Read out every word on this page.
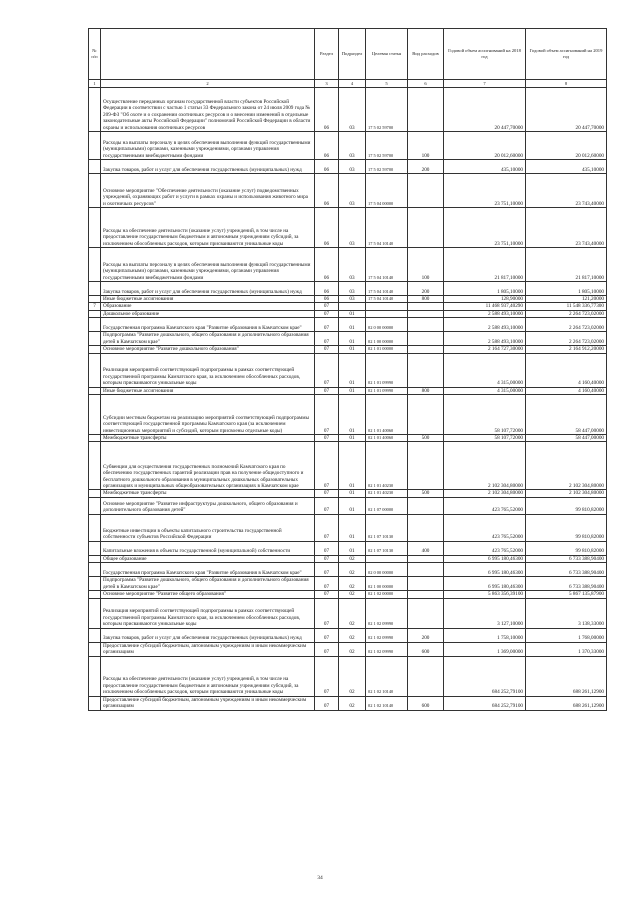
№ п/п		Раздел	Подраздел	Целевая статья	Вид расходов	Годовой объем ассигнований на 2018 год	Годовой объем ассигнований на 2019 год
1	2	3	4	5	6	7	8
	Осуществление переданных органам государственной власти субъектов Российской Федерации в соответствии с частью 1 статьи 33 Федерального закона от 24 июля 2009 года № 209-ФЗ "Об охоте и о сохранении охотничьих ресурсов и о внесении изменений в отдельные законодательные акты Российской Федерации" полномочий Российской Федерации в области охраны и использования охотничьих ресурсов	06	03	17 5 02 59700		20 447,70000	20 447,70000
	Расходы на выплаты персоналу в целях обеспечения выполнения функций государственными (муниципальными) органами, казенными учреждениями, органами управления государственными внебюджетными фондами	06	03	17 5 02 59700	100	20 012,60000	20 012,60000
	Закупка товаров, работ и услуг для обеспечения государственных (муниципальных) нужд	06	03	17 5 02 59700	200	435,10000	435,10000
	Основное мероприятие "Обеспечение деятельности (оказание услуг) подведомственных учреждений, охраняющих работ и услуги в рамках охраны и использования животного мира и охотничьих ресурсов"	06	03	17 5 04 00000		23 751,10000	23 743,40000
	Расходы на обеспечение деятельности (оказание услуг) учреждений, в том числе на предоставление государственным бюджетным и автономным учреждениям субсидий, за исключением обособленных расходов, которым присваиваются уникальные коды	06	03	17 5 04 10140		23 751,10000	23 743,40000
	Расходы на выплаты персоналу в целях обеспечения выполнения функций государственными (муниципальными) органами, казенными учреждениями, органами управления государственными внебюджетными фондами	06	03	17 5 04 10140	100	21 817,10000	21 817,10000
	Закупка товаров, работ и услуг для обеспечения государственных (муниципальных) нужд	06	03	17 5 04 10140	200	1 805,10000	1 805,10000
	Иные бюджетные ассигнования	06	03	17 5 04 10140	800	128,90000	121,20000
7	Образование	07				11 468 937,40290	11 548 336,77300
	Дошкольное образование	07	01			2 588 493,10000	2 264 723,02000
	Государственная программа Камчатского края "Развитие образования в Камчатском крае"	07	01	02 0 00 00000		2 588 493,10000	2 264 723,02000
	Подпрограмма "Развитие дошкольного, общего образования и дополнительного образования детей в Камчатском крае"	07	01	02 1 00 00000		2 588 493,10000	2 264 723,02000
	Основное мероприятие "Развитие дошкольного образования"	07	01	02 1 01 00000		2 164 727,30000	2 164 912,20000
	Реализация мероприятий соответствующей подпрограммы в рамках соответствующей государственной программы Камчатского края, за исключением обособленных расходов, которым присваиваются уникальные коды	07	01	02 1 01 09990		4 315,00000	4 160,40000
	Иные бюджетные ассигнования	07	01	02 1 01 09990	800	4 315,00000	4 160,40000
	Субсидии местным бюджетам на реализацию мероприятий соответствующей подпрограммы соответствующей государственной программы Камчатского края (за исключением инвестиционных мероприятий и субсидий, которым присвоены отдельные коды)	07	01	02 1 01 40060		58 107,72000	58 447,00000
	Межбюджетные трансферты	07	01	02 1 01 40060	500	58 107,72000	58 447,00000
	Субвенции для осуществления государственных полномочий Камчатского края по обеспечению государственных гарантий реализации прав на получение общедоступного и бесплатного дошкольного образования в муниципальных дошкольных образовательных организациях и муниципальных общеобразовательных организациях в Камчатском крае	07	01	02 1 01 40230		2 102 304,80000	2 102 304,80000
	Межбюджетные трансферты	07	01	02 1 01 40230	500	2 102 304,80000	2 102 304,80000
	Основное мероприятие "Развитие инфраструктуры дошкольного, общего образования и дополнительного образования детей"	07	01	02 1 07 00000		423 765,52000	99 810,82000
	Бюджетные инвестиции в объекты капитального строительства государственной собственности субъектов Российской Федерации	07	01	02 1 07 10130		423 765,52000	99 810,82000
	Капитальные вложения в объекты государственной (муниципальной) собственности	07	01	02 1 07 10130	400	423 765,52000	99 810,82000
	Общее образование	07	02			6 995 180,46300	6 733 388,90400
	Государственная программа Камчатского края "Развитие образования в Камчатском крае"	07	02	02 0 00 00000		6 995 180,46300	6 733 388,90400
	Подпрограмма "Развитие дошкольного, общего образования и дополнительного образования детей в Камчатском крае"	07	02	02 1 00 00000		6 995 180,46300	6 733 388,90400
	Основное мероприятие "Развитие общего образования"	07	02	02 1 02 00000		5 863 356,39100	5 867 135,87900
	Реализация мероприятий соответствующей подпрограммы в рамках соответствующей государственной программы Камчатского края, за исключением обособленных расходов, которым присваиваются уникальные коды	07	02	02 1 02 09990		3 127,10000	3 138,33000
	Закупка товаров, работ и услуг для обеспечения государственных (муниципальных) нужд	07	02	02 1 02 09990	200	1 758,10000	1 768,00000
	Предоставление субсидий бюджетным, автономным учреждениям и иным некоммерческим организациям	07	02	02 1 02 09990	600	1 369,00000	1 370,33000
	Расходы на обеспечение деятельности (оказание услуг) учреждений, в том числе на предоставление государственным бюджетным и автономным учреждениям субсидий, за исключением обособленных расходов, которым присваиваются уникальные коды	07	02	02 1 02 10140		684 252,79100	688 261,12900
	Предоставление субсидий бюджетным, автономным учреждениям и иным некоммерческим организациям	07	02	02 1 02 10140	600	684 252,79100	688 261,12900
34
